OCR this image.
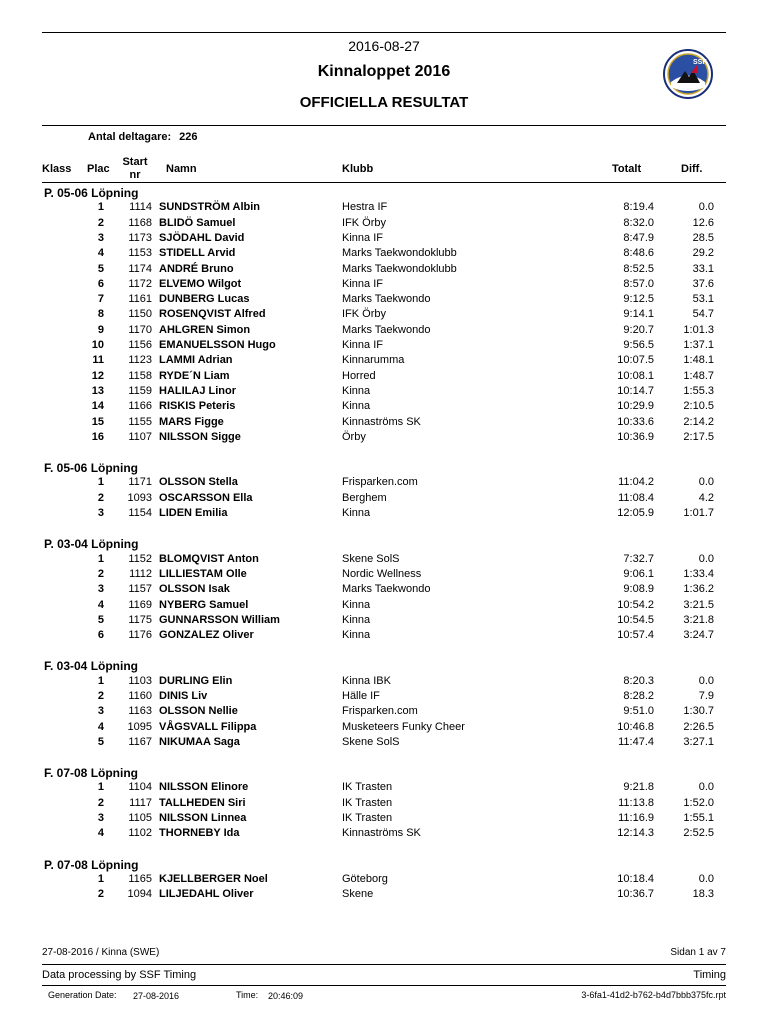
2016-08-27
Kinnaloppet 2016
OFFICIELLA RESULTAT
SSF
Antal deltagare: 226
Klass Plac
Start
nr	Namn	Klubb	Totalt	Diff.
P. 05-06 Löpning
1	1114 SUNDSTRÖM Albin	Hestra IF	8:19.4	0.0
2	1168 BLIDÖ Samuel	IFK Örby	8:32.0	12.6
3	1173 SJÖDAHL David	Kinna IF	8:47.9	28.5
4	1153 STIDELL Arvid	Marks Taekwondoklubb	8:48.6	29.2
5	1174 ANDRÉ Bruno	Marks Taekwondoklubb	8:52.5	33.1
6	1172 ELVEMO Wilgot	Kinna IF	8:57.0	37.6
7	1161 DUNBERG Lucas	Marks Taekwondo	9:12.5	53.1
8	1150 ROSENQVIST Alfred	IFK Örby	9:14.1	54.7
9	1170 AHLGREN Simon	Marks Taekwondo	9:20.7	1:01.3
10	1156 EMANUELSSON Hugo	Kinna IF	9:56.5	1:37.1
11	1123 LAMMI Adrian	Kinnarumma	10:07.5	1:48.1
12	1158 RYDE´N Liam	Horred	10:08.1	1:48.7
13	1159 HALILAJ Linor	Kinna	10:14.7	1:55.3
14	1166 RISKIS Peteris	Kinna	10:29.9	2:10.5
15	1155 MARS Figge	Kinnaströms SK	10:33.6	2:14.2
16	1107 NILSSON Sigge	Örby	10:36.9	2:17.5
F. 05-06 Löpning
1	1171 OLSSON Stella	Frisparken.com	11:04.2	0.0
2	1093 OSCARSSON Ella	Berghem	11:08.4	4.2
3	1154 LIDEN Emilia	Kinna	12:05.9	1:01.7
P. 03-04 Löpning
1	1152 BLOMQVIST Anton	Skene SolS	7:32.7	0.0
2	1112 LILLIESTAM Olle	Nordic Wellness	9:06.1	1:33.4
3	1157 OLSSON Isak	Marks Taekwondo	9:08.9	1:36.2
4	1169 NYBERG Samuel	Kinna	10:54.2	3:21.5
5	1175 GUNNARSSON William	Kinna	10:54.5	3:21.8
6	1176 GONZALEZ Oliver	Kinna	10:57.4	3:24.7
F. 03-04 Löpning
1	1103 DURLING Elin	Kinna IBK	8:20.3	0.0
2	1160 DINIS Liv	Hälle IF	8:28.2	7.9
3	1163 OLSSON Nellie	Frisparken.com	9:51.0	1:30.7
4	1095 VÅGSVALL Filippa	Musketeers Funky Cheer	10:46.8	2:26.5
5	1167 NIKUMAA Saga	Skene SolS	11:47.4	3:27.1
F. 07-08 Löpning
1	1104 NILSSON Elinore	IK Trasten	9:21.8	0.0
2	1117 TALLHEDEN Siri	IK Trasten	11:13.8	1:52.0
3	1105 NILSSON Linnea	IK Trasten	11:16.9	1:55.1
4	1102 THORNEBY Ida	Kinnaströms SK	12:14.3	2:52.5
P. 07-08 Löpning
1	1165 KJELLBERGER Noel	Göteborg	10:18.4	0.0
2	1094 LILJEDAHL Oliver	Skene	10:36.7	18.3
27-08-2016 / Kinna (SWE)	Sidan 1 av 7
Data processing by SSF Timing	Timing
Generation Date: 27-08-2016	Time: 20:46:09	3-6fa1-41d2-b762-b4d7bbb375fc.rpt
